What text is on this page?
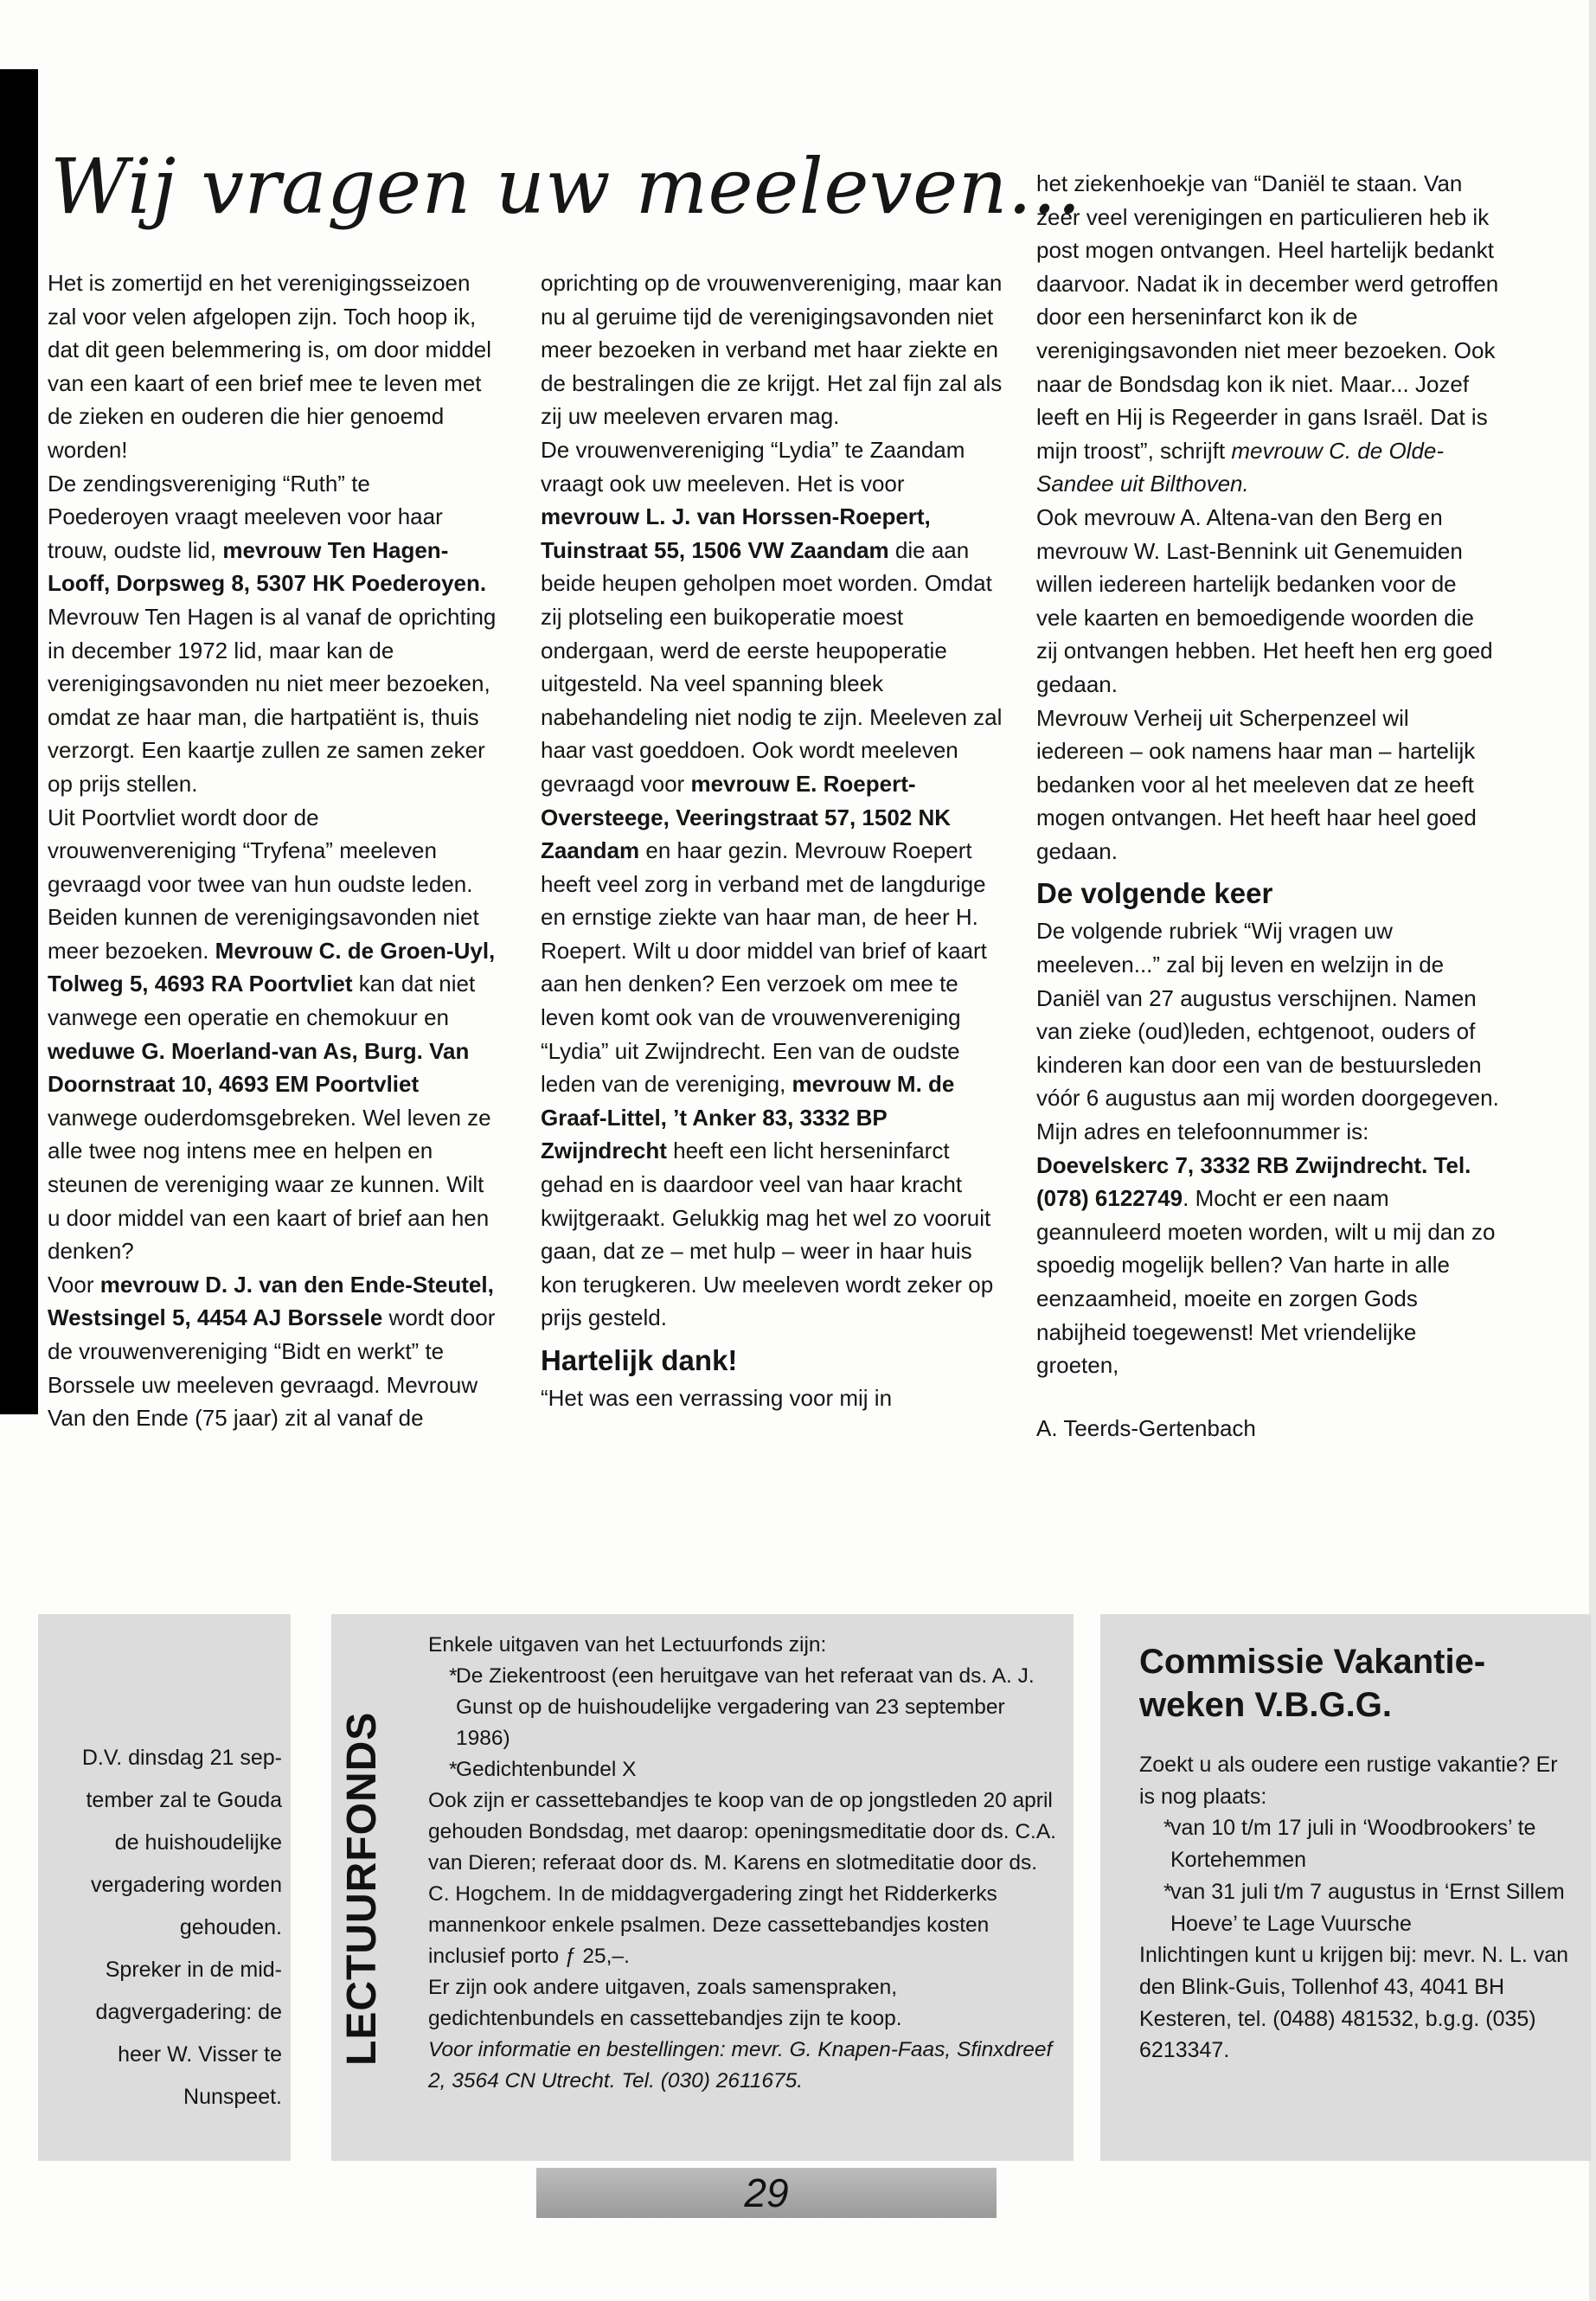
Wij vragen uw meeleven...

Het is zomertijd en het verenigingsseizoen zal voor velen afgelopen zijn. Toch hoop ik, dat dit geen belemmering is, om door middel van een kaart of een brief mee te leven met de zieken en ouderen die hier genoemd worden!

De zendingsvereniging “Ruth” te Poederoyen vraagt meeleven voor haar trouw, oudste lid, mevrouw Ten Hagen-Looff, Dorpsweg 8, 5307 HK Poederoyen. Mevrouw Ten Hagen is al vanaf de oprichting in december 1972 lid, maar kan de verenigingsavonden nu niet meer bezoeken, omdat ze haar man, die hartpatiënt is, thuis verzorgt. Een kaartje zullen ze samen zeker op prijs stellen.

Uit Poortvliet wordt door de vrouwenvereniging “Tryfena” meeleven gevraagd voor twee van hun oudste leden. Beiden kunnen de verenigingsavonden niet meer bezoeken. Mevrouw C. de Groen-Uyl, Tolweg 5, 4693 RA Poortvliet kan dat niet vanwege een operatie en chemokuur en weduwe G. Moerland-van As, Burg. Van Doornstraat 10, 4693 EM Poortvliet vanwege ouderdomsgebreken. Wel leven ze alle twee nog intens mee en helpen en steunen de vereniging waar ze kunnen. Wilt u door middel van een kaart of brief aan hen denken?

Voor mevrouw D. J. van den Ende-Steutel, Westsingel 5, 4454 AJ Borssele wordt door de vrouwenvereniging “Bidt en werkt” te Borssele uw meeleven gevraagd. Mevrouw Van den Ende (75 jaar) zit al vanaf de

oprichting op de vrouwenvereniging, maar kan nu al geruime tijd de verenigingsavonden niet meer bezoeken in verband met haar ziekte en de bestralingen die ze krijgt. Het zal fijn zal als zij uw meeleven ervaren mag.

De vrouwenvereniging “Lydia” te Zaandam vraagt ook uw meeleven. Het is voor mevrouw L. J. van Horssen-Roepert, Tuinstraat 55, 1506 VW Zaandam die aan beide heupen geholpen moet worden. Omdat zij plotseling een buikoperatie moest ondergaan, werd de eerste heupoperatie uitgesteld. Na veel spanning bleek nabehandeling niet nodig te zijn. Meeleven zal haar vast goeddoen. Ook wordt meeleven gevraagd voor mevrouw E. Roepert-Oversteege, Veeringstraat 57, 1502 NK Zaandam en haar gezin. Mevrouw Roepert heeft veel zorg in verband met de langdurige en ernstige ziekte van haar man, de heer H. Roepert. Wilt u door middel van brief of kaart aan hen denken? Een verzoek om mee te leven komt ook van de vrouwenvereniging “Lydia” uit Zwijndrecht. Een van de oudste leden van de vereniging, mevrouw M. de Graaf-Littel, ’t Anker 83, 3332 BP Zwijndrecht heeft een licht herseninfarct gehad en is daardoor veel van haar kracht kwijtgeraakt. Gelukkig mag het wel zo vooruit gaan, dat ze – met hulp – weer in haar huis kon terugkeren. Uw meeleven wordt zeker op prijs gesteld.

Hartelijk dank!

“Het was een verrassing voor mij in

het ziekenhoekje van “Daniël te staan. Van zeer veel verenigingen en particulieren heb ik post mogen ontvangen. Heel hartelijk bedankt daarvoor. Nadat ik in december werd getroffen door een herseninfarct kon ik de verenigingsavonden niet meer bezoeken. Ook naar de Bondsdag kon ik niet. Maar... Jozef leeft en Hij is Regeerder in gans Israël. Dat is mijn troost”, schrijft mevrouw C. de Olde-Sandee uit Bilthoven.

Ook mevrouw A. Altena-van den Berg en mevrouw W. Last-Bennink uit Genemuiden willen iedereen hartelijk bedanken voor de vele kaarten en bemoedigende woorden die zij ontvangen hebben. Het heeft hen erg goed gedaan.

Mevrouw Verheij uit Scherpenzeel wil iedereen – ook namens haar man – hartelijk bedanken voor al het meeleven dat ze heeft mogen ontvangen. Het heeft haar heel goed gedaan.

De volgende keer

De volgende rubriek “Wij vragen uw meeleven...” zal bij leven en welzijn in de Daniël van 27 augustus verschijnen. Namen van zieke (oud)leden, echtgenoot, ouders of kinderen kan door een van de bestuursleden vóór 6 augustus aan mij worden doorgegeven. Mijn adres en telefoonnummer is: Doevelskerc 7, 3332 RB Zwijndrecht. Tel. (078) 6122749. Mocht er een naam geannuleerd moeten worden, wilt u mij dan zo spoedig mogelijk bellen? Van harte in alle eenzaamheid, moeite en zorgen Gods nabijheid toegewenst! Met vriendelijke groeten,

A. Teerds-Gertenbach

D.V. dinsdag 21 sep-
tember zal te Gouda
de huishoudelijke
vergadering worden
gehouden.
Spreker in de mid-
dagvergadering: de
heer W. Visser te
Nunspeet.
LECTUURFONDS

Enkele uitgaven van het Lectuurfonds zijn:

* De Ziekentroost (een heruitgave van het referaat van ds. A. J. Gunst op de huishoudelijke vergadering van 23 september 1986)
* Gedichtenbundel X

Ook zijn er cassettebandjes te koop van de op jongstleden 20 april gehouden Bondsdag, met daarop: openingsmeditatie door ds. C.A. van Dieren; referaat door ds. M. Karens en slotmeditatie door ds. C. Hogchem. In de middagvergadering zingt het Ridderkerks mannenkoor enkele psalmen. Deze cassettebandjes kosten inclusief porto ƒ 25,–.

Er zijn ook andere uitgaven, zoals samenspraken, gedichtenbundels en cassettebandjes zijn te koop.

Voor informatie en bestellingen: mevr. G. Knapen-Faas, Sfinxdreef 2, 3564 CN Utrecht. Tel. (030) 2611675.

Commissie Vakantie-
weken V.B.G.G.

Zoekt u als oudere een rustige vakantie? Er is nog plaats:

* van 10 t/m 17 juli in ‘Woodbrookers’ te Kortehemmen
* van 31 juli t/m 7 augustus in ‘Ernst Sillem Hoeve’ te Lage Vuursche

Inlichtingen kunt u krijgen bij: mevr. N. L. van den Blink-Guis, Tollenhof 43, 4041 BH Kesteren, tel. (0488) 481532, b.g.g. (035) 6213347.

29
